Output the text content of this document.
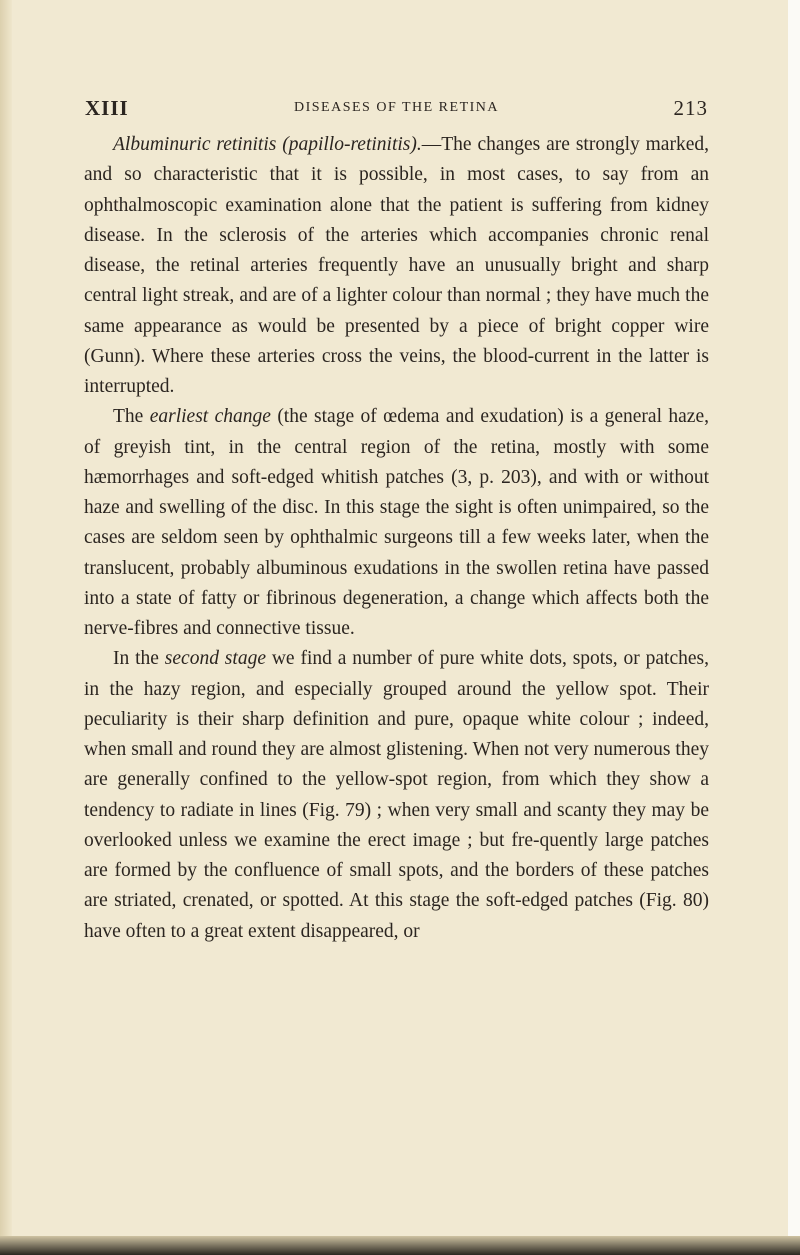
XIII	DISEASES OF THE RETINA	213

Albuminuric retinitis (papillo-retinitis).—The changes are strongly marked, and so characteristic that it is possible, in most cases, to say from an ophthalmoscopic examination alone that the patient is suffering from kidney disease. In the sclerosis of the arteries which accompanies chronic renal disease, the retinal arteries frequently have an unusually bright and sharp central light streak, and are of a lighter colour than normal ; they have much the same appearance as would be presented by a piece of bright copper wire (Gunn). Where these arteries cross the veins, the blood-current in the latter is interrupted.

The earliest change (the stage of œdema and exudation) is a general haze, of greyish tint, in the central region of the retina, mostly with some hæmorrhages and soft-edged whitish patches (3, p. 203), and with or without haze and swelling of the disc. In this stage the sight is often unimpaired, so the cases are seldom seen by ophthalmic surgeons till a few weeks later, when the translucent, probably albuminous exudations in the swollen retina have passed into a state of fatty or fibrinous degeneration, a change which affects both the nerve-fibres and connective tissue.

In the second stage we find a number of pure white dots, spots, or patches, in the hazy region, and especially grouped around the yellow spot. Their peculiarity is their sharp definition and pure, opaque white colour ; indeed, when small and round they are almost glistening. When not very numerous they are generally confined to the yellow-spot region, from which they show a tendency to radiate in lines (Fig. 79) ; when very small and scanty they may be overlooked unless we examine the erect image ; but fre-quently large patches are formed by the confluence of small spots, and the borders of these patches are striated, crenated, or spotted. At this stage the soft-edged patches (Fig. 80) have often to a great extent disappeared, or
